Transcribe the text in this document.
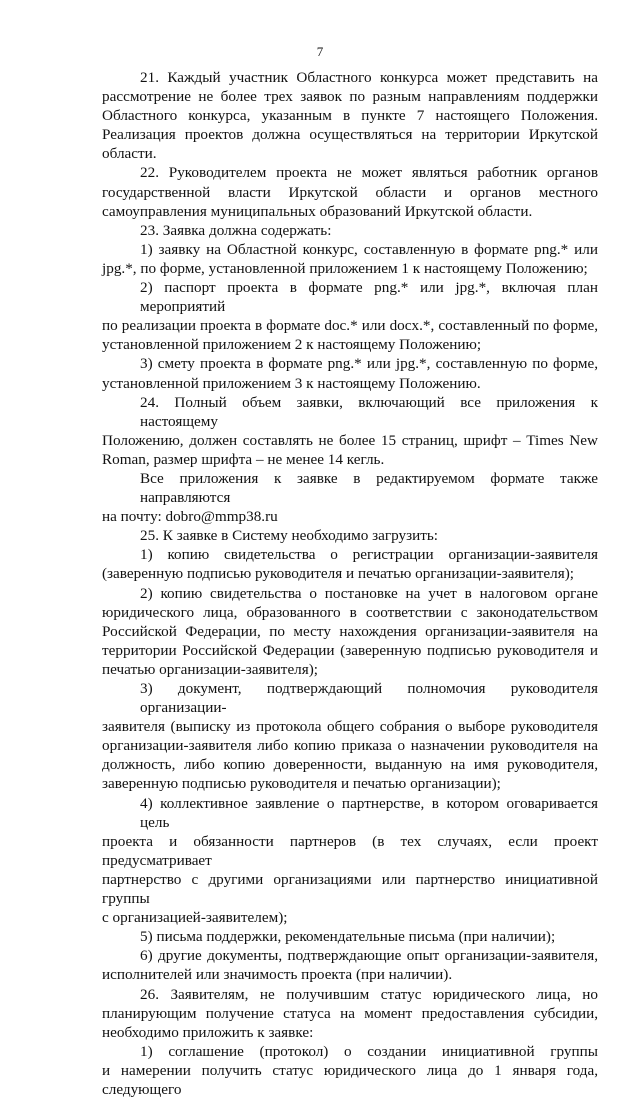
7
21. Каждый участник Областного конкурса может представить на
рассмотрение не более трех заявок по разным направлениям поддержки
Областного конкурса, указанным в пункте 7 настоящего Положения.
Реализация проектов должна осуществляться на территории Иркутской
области.
22. Руководителем проекта не может являться работник органов
государственной власти Иркутской области и органов местного
самоуправления муниципальных образований Иркутской области.
23. Заявка должна содержать:
1) заявку на Областной конкурс, составленную в формате png.* или
jpg.*, по форме, установленной приложением 1 к настоящему Положению;
2) паспорт проекта в формате png.* или jpg.*, включая план мероприятий
по реализации проекта в формате doc.* или docx.*, составленный по форме,
установленной приложением 2 к настоящему Положению;
3) смету проекта в формате png.* или jpg.*, составленную по форме,
установленной приложением 3 к настоящему Положению.
24. Полный объем заявки, включающий все приложения к настоящему
Положению, должен составлять не более 15 страниц, шрифт – Times New
Roman, размер шрифта – не менее 14 кегль.
Все приложения к заявке в редактируемом формате также направляются
на почту: dobro@mmp38.ru
25. К заявке в Систему необходимо загрузить:
1) копию свидетельства о регистрации организации-заявителя
(заверенную подписью руководителя и печатью организации-заявителя);
2) копию свидетельства о постановке на учет в налоговом органе
юридического лица, образованного в соответствии с законодательством
Российской Федерации, по месту нахождения организации-заявителя на
территории Российской Федерации (заверенную подписью руководителя и
печатью организации-заявителя);
3) документ, подтверждающий полномочия руководителя организации-
заявителя (выписку из протокола общего собрания о выборе руководителя
организации-заявителя либо копию приказа о назначении руководителя на
должность, либо копию доверенности, выданную на имя руководителя,
заверенную подписью руководителя и печатью организации);
4) коллективное заявление о партнерстве, в котором оговаривается цель
проекта и обязанности партнеров (в тех случаях, если проект предусматривает
партнерство с другими организациями или партнерство инициативной группы
с организацией-заявителем);
5) письма поддержки, рекомендательные письма (при наличии);
6) другие документы, подтверждающие опыт организации-заявителя,
исполнителей или значимость проекта (при наличии).
26. Заявителям, не получившим статус юридического лица, но
планирующим получение статуса на момент предоставления субсидии,
необходимо приложить к заявке:
1) соглашение (протокол) о создании инициативной группы
и намерении получить статус юридического лица до 1 января года, следующего
